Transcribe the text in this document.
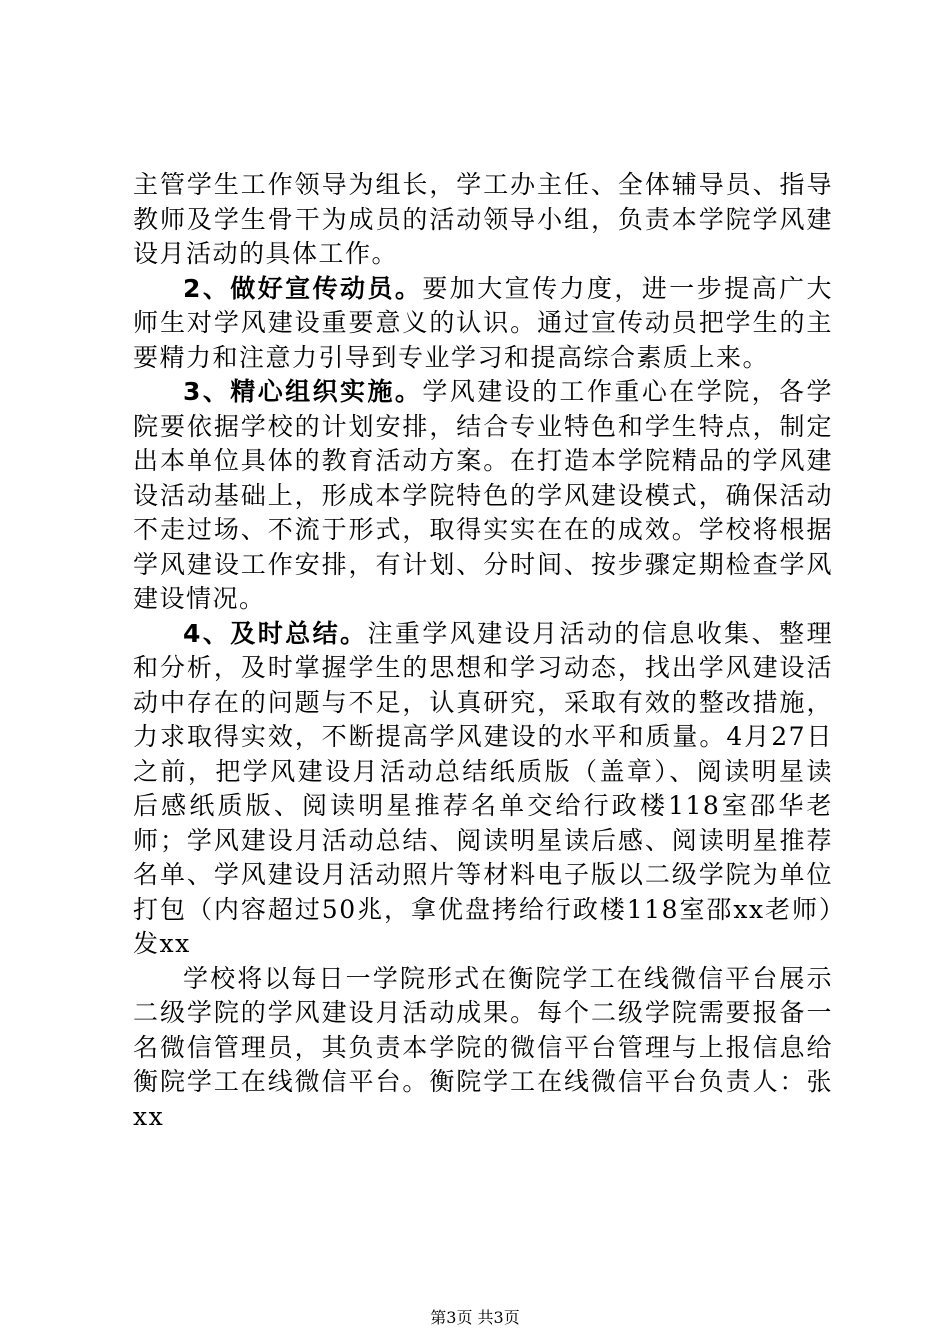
主管学生工作领导为组长，学工办主任、全体辅导员、指导教师及学生骨干为成员的活动领导小组，负责本学院学风建设月活动的具体工作。

2、做好宣传动员。要加大宣传力度，进一步提高广大师生对学风建设重要意义的认识。通过宣传动员把学生的主要精力和注意力引导到专业学习和提高综合素质上来。

3、精心组织实施。学风建设的工作重心在学院，各学院要依据学校的计划安排，结合专业特色和学生特点，制定出本单位具体的教育活动方案。在打造本学院精品的学风建设活动基础上，形成本学院特色的学风建设模式，确保活动不走过场、不流于形式，取得实实在在的成效。学校将根据学风建设工作安排，有计划、分时间、按步骤定期检查学风建设情况。

4、及时总结。注重学风建设月活动的信息收集、整理和分析，及时掌握学生的思想和学习动态，找出学风建设活动中存在的问题与不足，认真研究，采取有效的整改措施，力求取得实效，不断提高学风建设的水平和质量。4月27日之前，把学风建设月活动总结纸质版（盖章）、阅读明星读后感纸质版、阅读明星推荐名单交给行政楼118室邵华老师；学风建设月活动总结、阅读明星读后感、阅读明星推荐名单、学风建设月活动照片等材料电子版以二级学院为单位打包（内容超过50兆，拿优盘拷给行政楼118室邵xx老师）发xx

学校将以每日一学院形式在衡院学工在线微信平台展示二级学院的学风建设月活动成果。每个二级学院需要报备一名微信管理员，其负责本学院的微信平台管理与上报信息给衡院学工在线微信平台。衡院学工在线微信平台负责人：张xx

第3页 共3页
